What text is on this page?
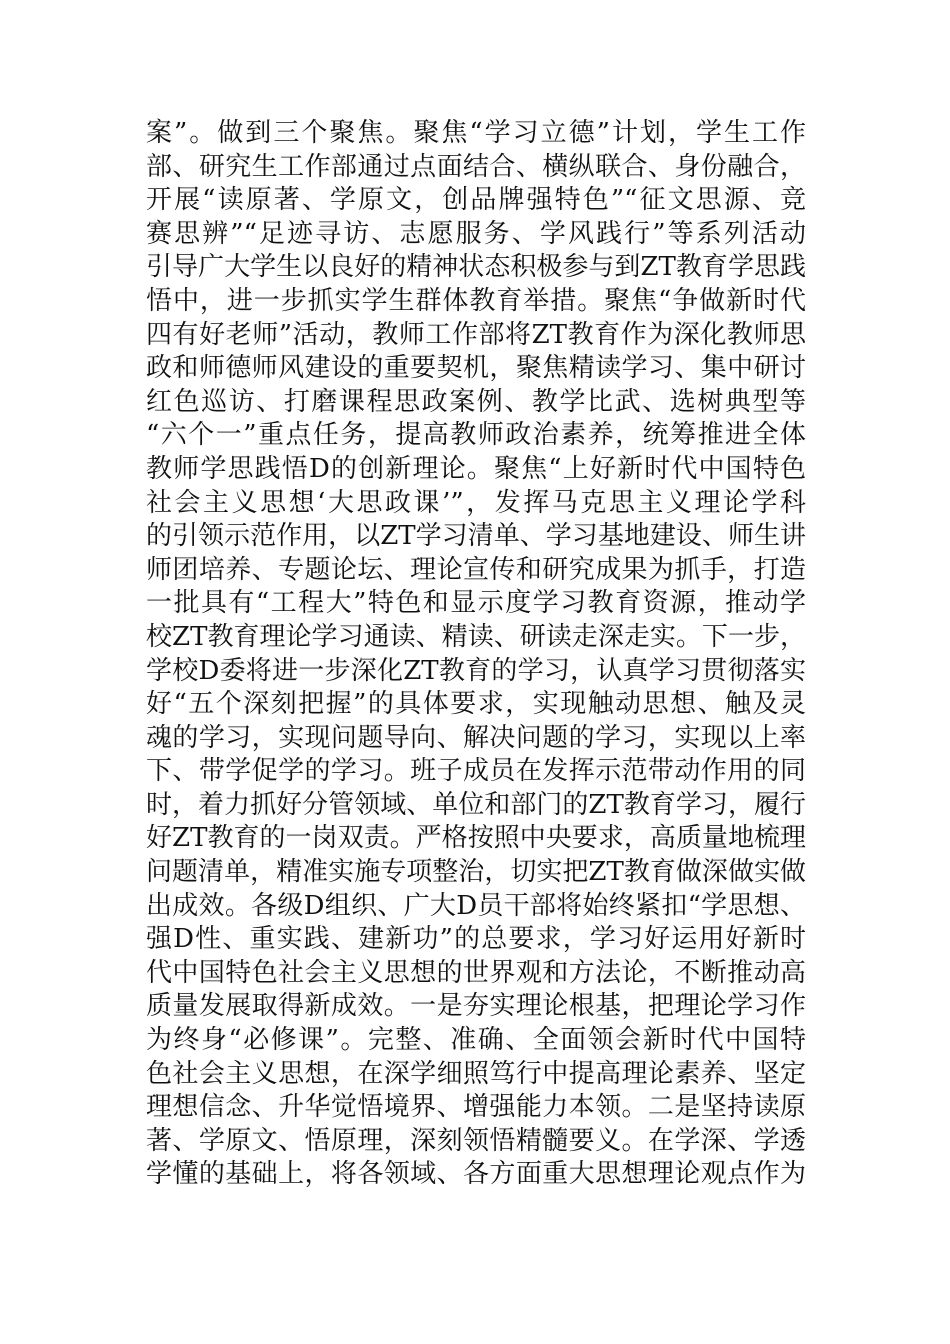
案”。做到三个聚焦。聚焦“学习立德”计划，学生工作
部、研究生工作部通过点面结合、横纵联合、身份融合，
开展“读原著、学原文，创品牌强特色”“征文思源、竞
赛思辨”“足迹寻访、志愿服务、学风践行”等系列活动
引导广大学生以良好的精神状态积极参与到ZT教育学思践
悟中，进一步抓实学生群体教育举措。聚焦“争做新时代
四有好老师”活动，教师工作部将ZT教育作为深化教师思
政和师德师风建设的重要契机，聚焦精读学习、集中研讨
红色巡访、打磨课程思政案例、教学比武、选树典型等
“六个一”重点任务，提高教师政治素养，统筹推进全体
教师学思践悟D的创新理论。聚焦“上好新时代中国特色
社会主义思想‘大思政课’”，发挥马克思主义理论学科
的引领示范作用，以ZT学习清单、学习基地建设、师生讲
师团培养、专题论坛、理论宣传和研究成果为抓手，打造
一批具有“工程大”特色和显示度学习教育资源，推动学
校ZT教育理论学习通读、精读、研读走深走实。下一步，
学校D委将进一步深化ZT教育的学习，认真学习贯彻落实
好“五个深刻把握”的具体要求，实现触动思想、触及灵
魂的学习，实现问题导向、解决问题的学习，实现以上率
下、带学促学的学习。班子成员在发挥示范带动作用的同
时，着力抓好分管领域、单位和部门的ZT教育学习，履行
好ZT教育的一岗双责。严格按照中央要求，高质量地梳理
问题清单，精准实施专项整治，切实把ZT教育做深做实做
出成效。各级D组织、广大D员干部将始终紧扣“学思想、
强D性、重实践、建新功”的总要求，学习好运用好新时
代中国特色社会主义思想的世界观和方法论，不断推动高
质量发展取得新成效。一是夯实理论根基，把理论学习作
为终身“必修课”。完整、准确、全面领会新时代中国特
色社会主义思想，在深学细照笃行中提高理论素养、坚定
理想信念、升华觉悟境界、增强能力本领。二是坚持读原
著、学原文、悟原理，深刻领悟精髓要义。在学深、学透
学懂的基础上，将各领域、各方面重大思想理论观点作为
